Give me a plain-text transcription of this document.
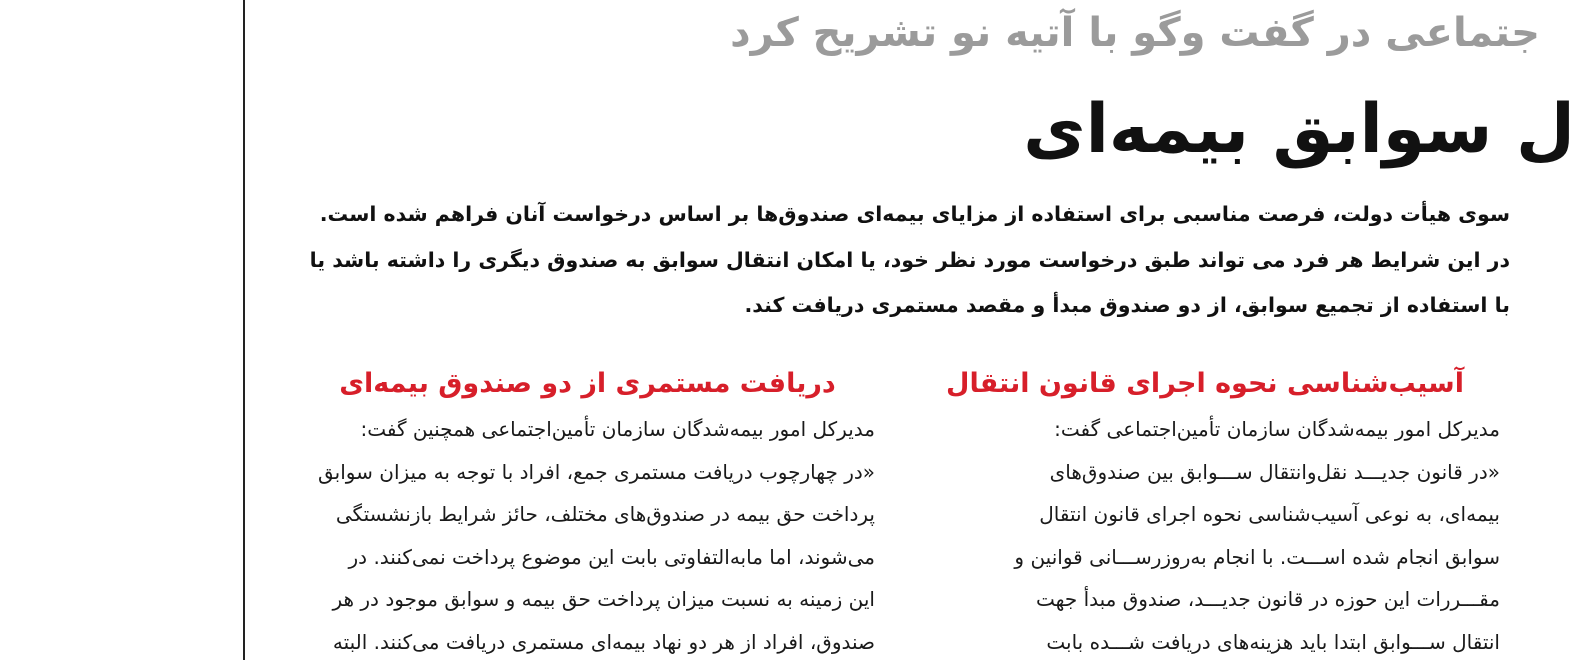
جتماعی در گفت وگو با آتیه نو تشریح کرد
ل سوابق بیمه‌ای
سوی هیأت دولت، فرصت مناسبی برای استفاده از مزایای بیمه‌ای صندوق‌ها بر اساس درخواست آنان فراهم شده است.
در این شرایط هر فرد می تواند طبق درخواست مورد نظر خود، یا امکان انتقال سوابق به صندوق دیگری را داشته باشد یا
با استفاده از تجمیع سوابق، از دو صندوق مبدأ و مقصد مستمری دریافت کند.
آسیب‌شناسی نحوه اجرای قانون انتقال
مدیرکل امور بیمه‌شدگان سازمان تأمین‌اجتماعی گفت:
«در قانون جدیـــد نقل‌وانتقال ســـوابق بین صندوق‌های
بیمه‌ای، به نوعی آسیب‌شناسی نحوه اجرای قانون انتقال
سوابق انجام شده اســـت. با انجام به‌روزرســـانی قوانین و
مقـــررات این حوزه در قانون جدیـــد، صندوق مبدأ جهت
انتقال ســـوابق ابتدا باید هزینه‌های دریافت شـــده بابت
دریافت مستمری از دو صندوق بیمه‌ای
مدیرکل امور بیمه‌شدگان سازمان تأمین‌اجتماعی همچنین گفت:
«در چهارچوب دریافت مستمری جمع، افراد با توجه به میزان سوابق
پرداخت حق بیمه در صندوق‌های مختلف، حائز شرایط بازنشستگی
می‌شوند، اما مابه‌التفاوتی بابت این موضوع پرداخت نمی‌کنند. در
این زمینه به نسبت میزان پرداخت حق بیمه و سوابق موجود در هر
صندوق، افراد از هر دو نهاد بیمه‌ای مستمری دریافت می‌کنند. البته
